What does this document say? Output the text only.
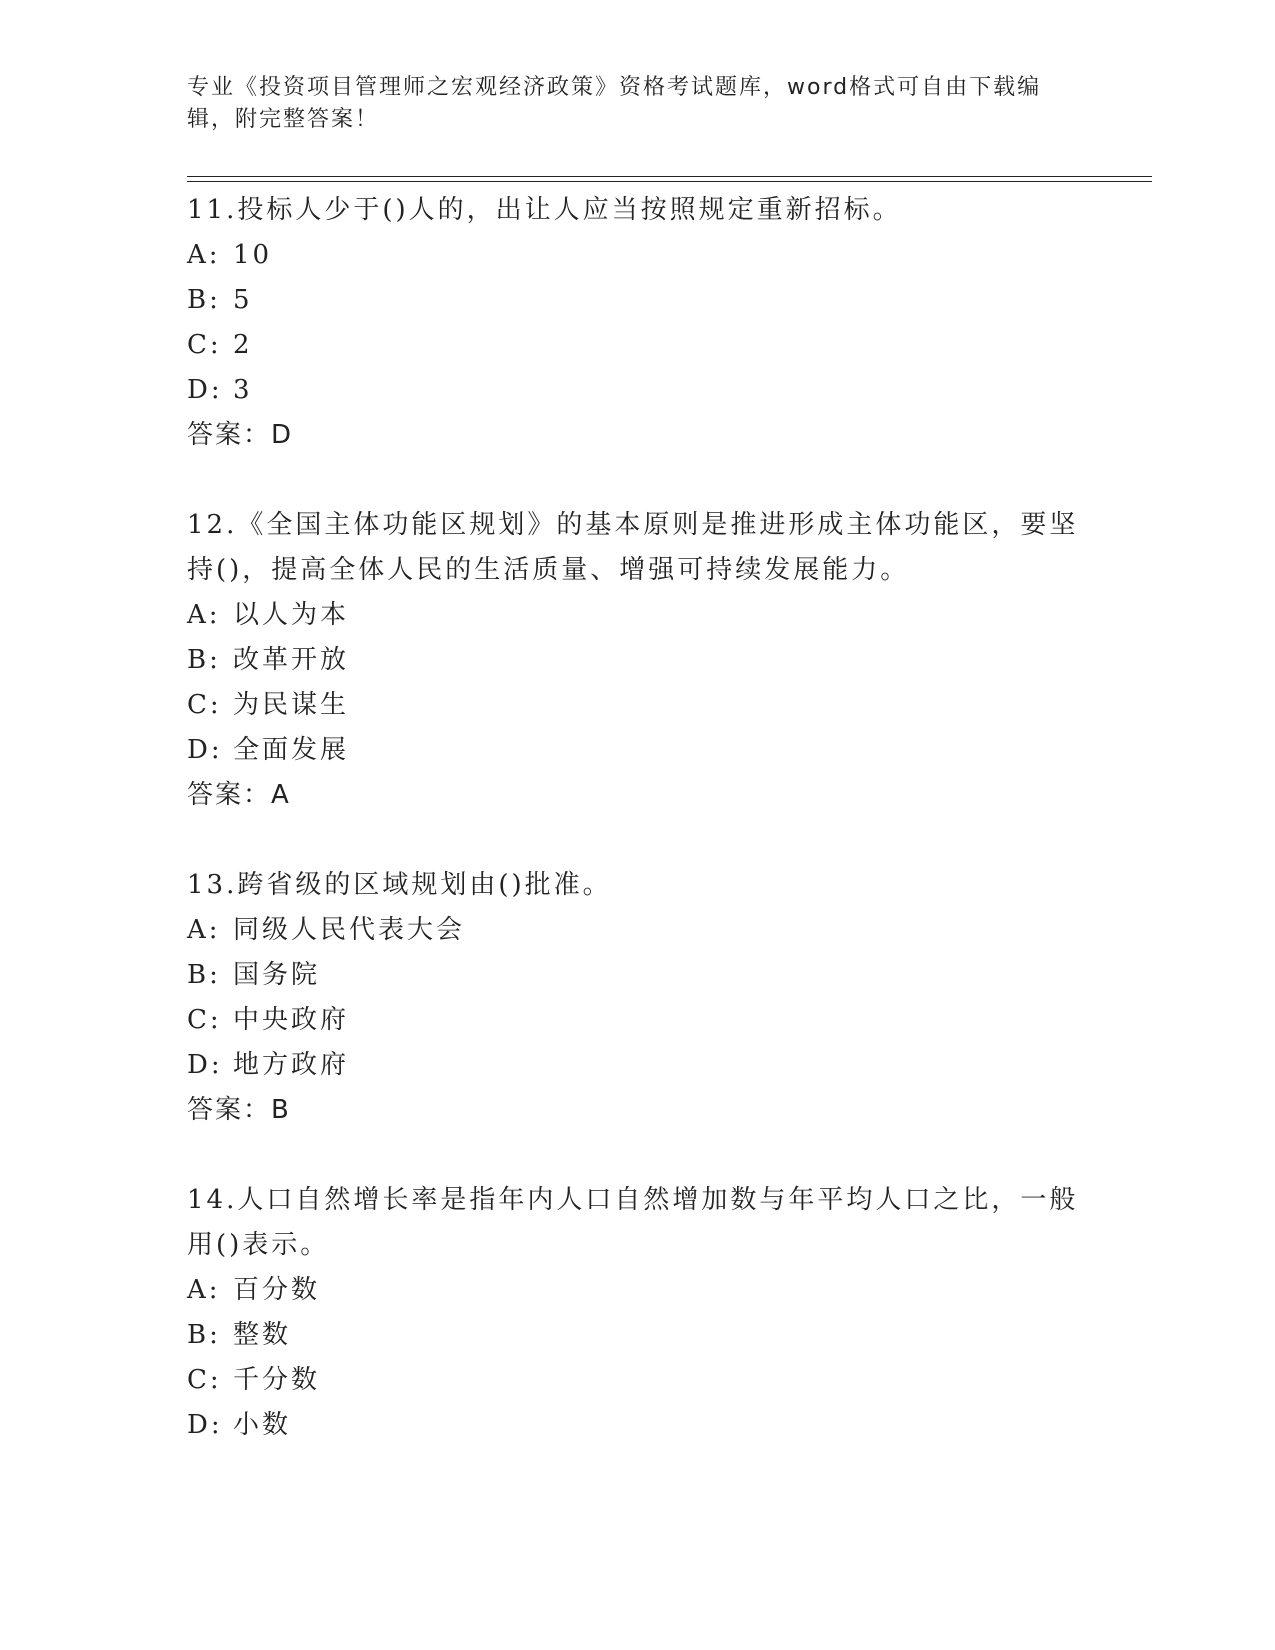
专业《投资项目管理师之宏观经济政策》资格考试题库，word格式可自由下载编辑，附完整答案！

11.投标人少于()人的，出让人应当按照规定重新招标。

A: 10

B: 5

C: 2

D: 3

答案：D

12.《全国主体功能区规划》的基本原则是推进形成主体功能区，要坚持()，提高全体人民的生活质量、增强可持续发展能力。

A: 以人为本

B: 改革开放

C: 为民谋生

D: 全面发展

答案：A

13.跨省级的区域规划由()批准。

A: 同级人民代表大会

B: 国务院

C: 中央政府

D: 地方政府

答案：B

14.人口自然增长率是指年内人口自然增加数与年平均人口之比，一般用()表示。

A: 百分数

B: 整数

C: 千分数

D: 小数
